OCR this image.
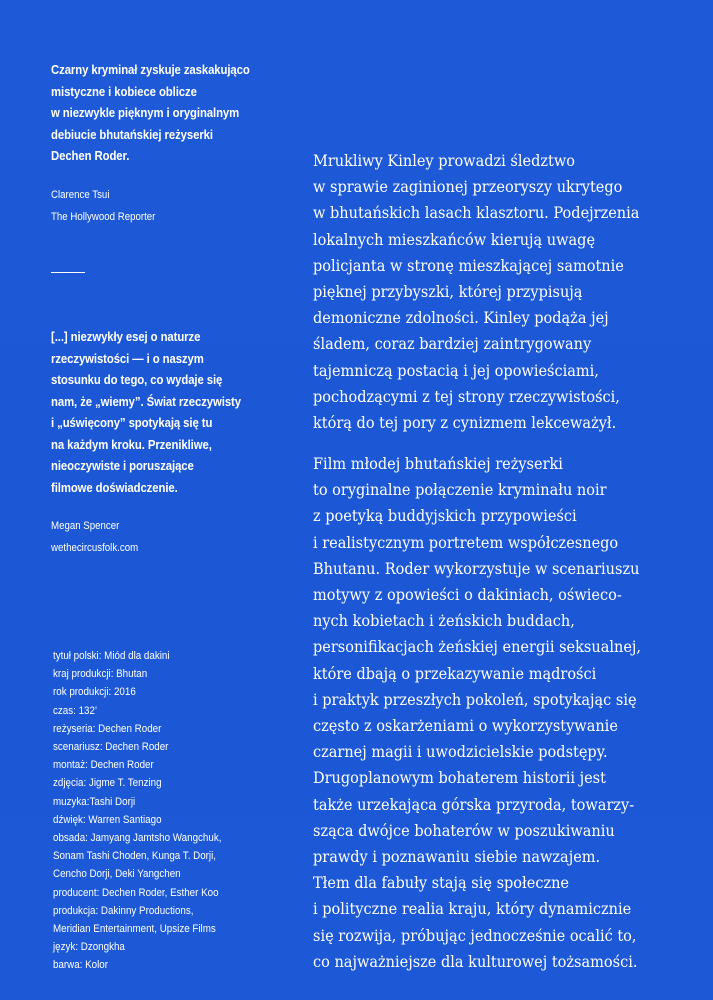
Czarny kryminał zyskuje zaskakująco
mistyczne i kobiece oblicze
w niezwykle pięknym i oryginalnym
debiucie bhutańskiej reżyserki
Dechen Roder.
Clarence Tsui
The Hollywood Reporter
[...] niezwykły esej o naturze
rzeczywistości — i o naszym
stosunku do tego, co wydaje się
nam, że „wiemy”. Świat rzeczywisty
i „uświęcony” spotykają się tu
na każdym kroku. Przenikliwe,
nieoczywiste i poruszające
filmowe doświadczenie.
Megan Spencer
wethecircusfolk.com
tytuł polski: Miód dla dakini
kraj produkcji: Bhutan
rok produkcji: 2016
czas: 132’
reżyseria: Dechen Roder
scenariusz: Dechen Roder
montaż: Dechen Roder
zdjęcia: Jigme T. Tenzing
muzyka:Tashi Dorji
dźwięk: Warren Santiago
obsada: Jamyang Jamtsho Wangchuk,
Sonam Tashi Choden, Kunga T. Dorji,
Cencho Dorji, Deki Yangchen
producent: Dechen Roder, Esther Koo
produkcja: Dakinny Productions,
Meridian Entertainment, Upsize Films
język: Dzongkha
barwa: Kolor
Mrukliwy Kinley prowadzi śledztwo
w sprawie zaginionej przeoryszy ukrytego
w bhutańskich lasach klasztoru. Podejrzenia
lokalnych mieszkańców kierują uwagę
policjanta w stronę mieszkającej samotnie
pięknej przybyszki, której przypisują
demoniczne zdolności. Kinley podąża jej
śladem, coraz bardziej zaintrygowany
tajemniczą postacią i jej opowieściami,
pochodzącymi z tej strony rzeczywistości,
którą do tej pory z cynizmem lekceważył.
Film młodej bhutańskiej reżyserki
to oryginalne połączenie kryminału noir
z poetyką buddyjskich przypowieści
i realistycznym portretem współczesnego
Bhutanu. Roder wykorzystuje w scenariuszu
motywy z opowieści o dakiniach, oświeco-
nych kobietach i żeńskich buddach,
personifikacjach żeńskiej energii seksualnej,
które dbają o przekazywanie mądrości
i praktyk przeszłych pokoleń, spotykając się
często z oskarżeniami o wykorzystywanie
czarnej magii i uwodzicielskie podstępy.
Drugoplanowym bohaterem historii jest
także urzekająca górska przyroda, towarzy-
sząca dwójce bohaterów w poszukiwaniu
prawdy i poznawaniu siebie nawzajem.
Tłem dla fabuły stają się społeczne
i polityczne realia kraju, który dynamicznie
się rozwija, próbując jednocześnie ocalić to,
co najważniejsze dla kulturowej tożsamości.
